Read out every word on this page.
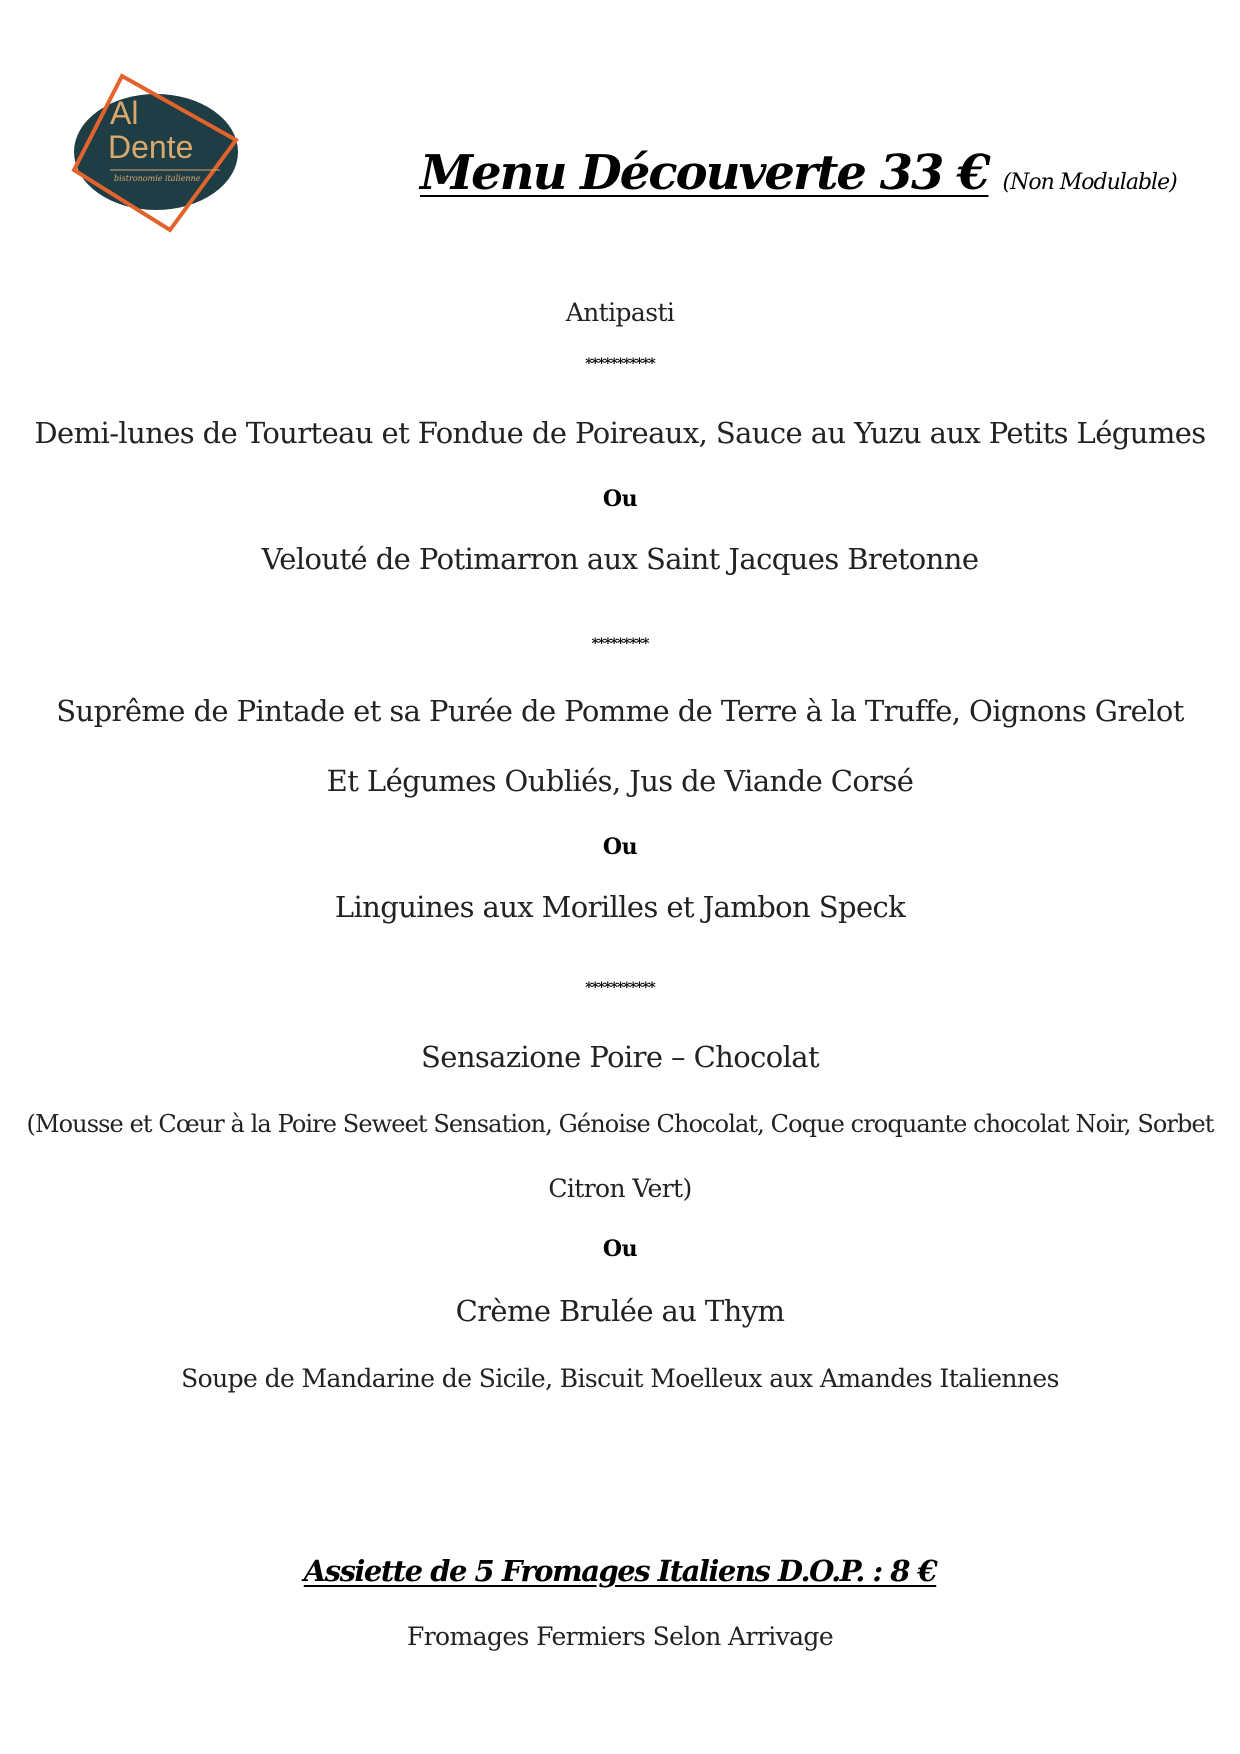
Al
Dente
bistronomie italienne	Menu Découverte 33 € (Non Modulable)
Antipasti
***********
Demi-lunes de Tourteau et Fondue de Poireaux, Sauce au Yuzu aux Petits Légumes
Ou
Velouté de Potimarron aux Saint Jacques Bretonne
*********
Suprême de Pintade et sa Purée de Pomme de Terre à la Truffe, Oignons Grelot
Et Légumes Oubliés, Jus de Viande Corsé
Ou
Linguines aux Morilles et Jambon Speck
***********
Sensazione Poire – Chocolat
(Mousse et Cœur à la Poire Seweet Sensation, Génoise Chocolat, Coque croquante chocolat Noir, Sorbet
Citron Vert)
Ou
Crème Brulée au Thym
Soupe de Mandarine de Sicile, Biscuit Moelleux aux Amandes Italiennes
Assiette de 5 Fromages Italiens D.O.P. : 8 €
Fromages Fermiers Selon Arrivage
